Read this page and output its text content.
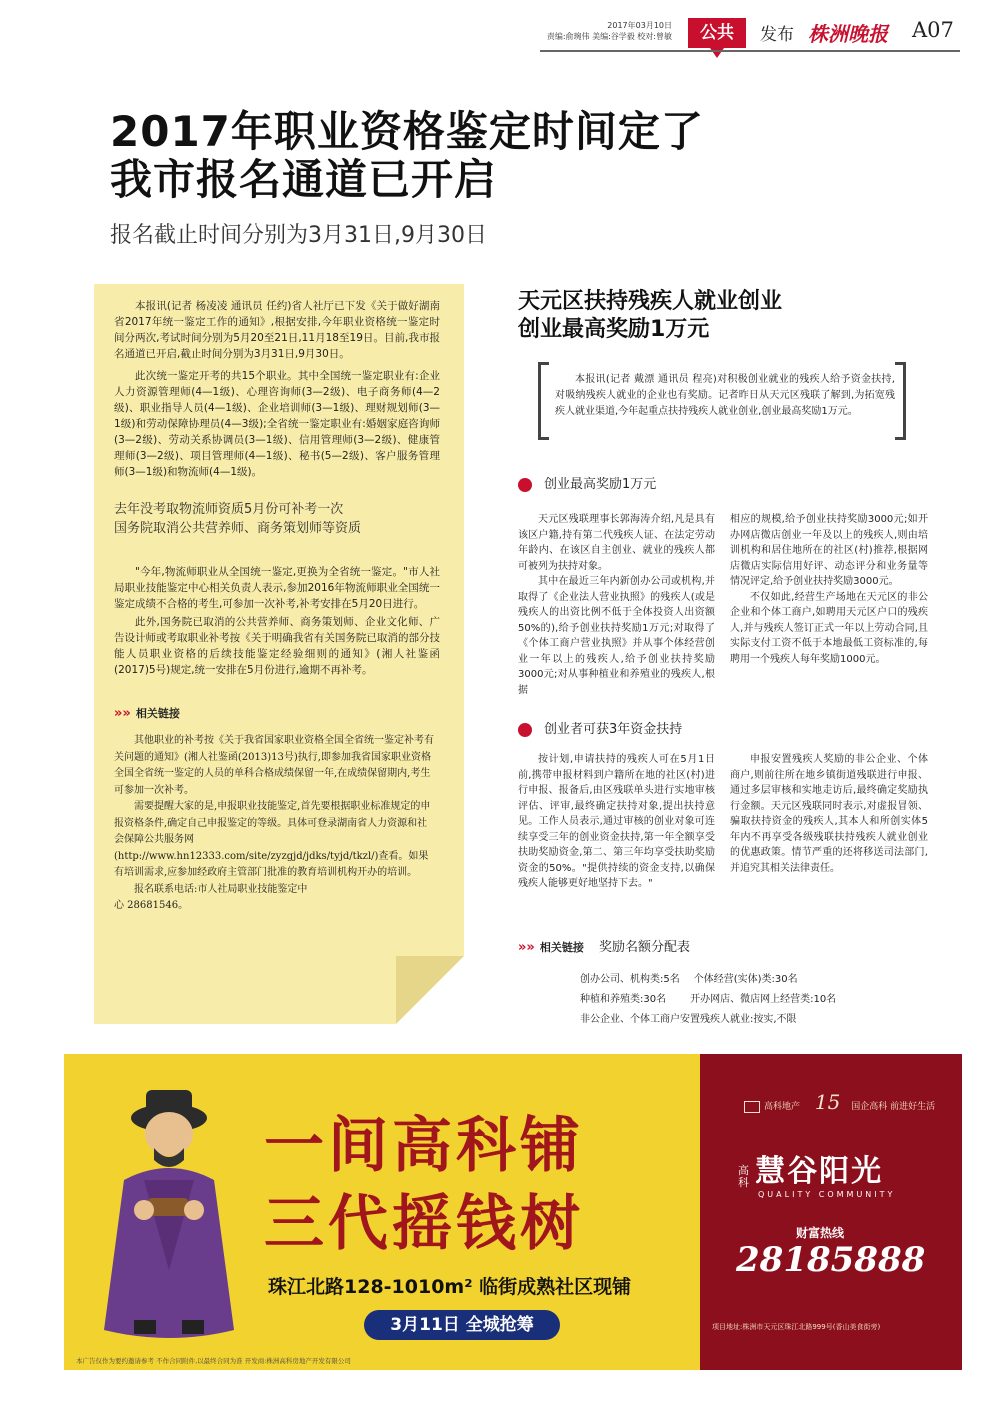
2017年03月10日
责编:俞琬伟 美编:谷学毅 校对:曾敏	公共	发布 株洲晚报 A07
2017年职业资格鉴定时间定了
我市报名通道已开启
报名截止时间分别为3月31日,9月30日
本报讯(记者 杨凌凌 通讯员 任约)省人社厅已下发《关于做好湖南省2017年统一鉴定工作的通知》,根据安排,今年职业资格统一鉴定时间分两次,考试时间分别为5月20至21日,11月18至19日。目前,我市报名通道已开启,截止时间分别为3月31日,9月30日。
此次统一鉴定开考的共15个职业。其中全国统一鉴定职业有:企业人力资源管理师(4—1级)、心理咨询师(3—2级)、电子商务师(4—2级)、职业指导人员(4—1级)、企业培训师(3—1级)、理财规划师(3—1级)和劳动保障协理员(4—3级);全省统一鉴定职业有:婚姻家庭咨询师(3—2级)、劳动关系协调员(3—1级)、信用管理师(3—2级)、健康管理师(3—2级)、项目管理师(4—1级)、秘书(5—2级)、客户服务管理师(3—1级)和物流师(4—1级)。
去年没考取物流师资质5月份可补考一次
国务院取消公共营养师、商务策划师等资质
"今年,物流师职业从全国统一鉴定,更换为全省统一鉴定。"市人社局职业技能鉴定中心相关负责人表示,参加2016年物流师职业全国统一鉴定成绩不合格的考生,可参加一次补考,补考安排在5月20日进行。
此外,国务院已取消的公共营养师、商务策划师、企业文化师、广告设计师或考取职业补考按《关于明确我省有关国务院已取消的部分技能人员职业资格的后续技能鉴定经验细则的通知》(湘人社鉴函(2017)5号)规定,统一安排在5月份进行,逾期不再补考。
»» 相关链接
其他职业的补考按《关于我省国家职业资格全国全省统一鉴定补考有关问题的通知》(湘人社鉴函(2013)13号)执行,即参加我省国家职业资格全国全省统一鉴定的人员的单科合格成绩保留一年,在成绩保留期内,考生可参加一次补考。
需要提醒大家的是,申报职业技能鉴定,首先要根据职业标准规定的申报资格条件,确定自己申报鉴定的等级。具体可登录湖南省人力资源和社会保障公共服务网(http://www.hn12333.com/site/zyzgjd/jdks/tyjd/tkzl/)查看。如果有培训需求,应参加经政府主管部门批准的教育培训机构开办的培训。
报名联系电话:市人社局职业技能鉴定中心 28681546。
天元区扶持残疾人就业创业
创业最高奖励1万元
本报讯(记者 戴漂 通讯员 程亮)对积极创业就业的残疾人给予资金扶持,对吸纳残疾人就业的企业也有奖励。记者昨日从天元区残联了解到,为拓宽残疾人就业渠道,今年起重点扶持残疾人就业创业,创业最高奖励1万元。
创业最高奖励1万元
天元区残联理事长郭海涛介绍,凡是具有该区户籍,持有第二代残疾人证、在法定劳动年龄内、在该区自主创业、就业的残疾人都可被列为扶持对象。
其中在最近三年内新创办公司或机构,并取得了《企业法人营业执照》的残疾人(或是残疾人的出资比例不低于全体投资人出资额50%的),给予创业扶持奖励1万元;对取得了《个体工商户营业执照》并从事个体经营创业一年以上的残疾人,给予创业扶持奖励3000元;对从事种植业和养殖业的残疾人,根据
相应的规模,给予创业扶持奖励3000元;如开办网店微店创业一年及以上的残疾人,则由培训机构和居住地所在的社区(村)推荐,根据网店微店实际信用好评、动态评分和业务量等情况评定,给予创业扶持奖励3000元。
不仅如此,经营生产场地在天元区的非公企业和个体工商户,如聘用天元区户口的残疾人,并与残疾人签订正式一年以上劳动合同,且实际支付工资不低于本地最低工资标准的,每聘用一个残疾人每年奖励1000元。
创业者可获3年资金扶持
按计划,申请扶持的残疾人可在5月1日前,携带申报材料到户籍所在地的社区(村)进行申报、报备后,由区残联单头进行实地审核评估、评审,最终确定扶持对象,提出扶持意见。工作人员表示,通过审核的创业对象可连续享受三年的创业资金扶持,第一年全额享受扶助奖励资金,第二、第三年均享受扶助奖励资金的50%。"提供持续的资金支持,以确保残疾人能够更好地坚持下去。"
申报安置残疾人奖励的非公企业、个体商户,则前往所在地乡镇街道残联进行申报、通过多层审核和实地走访后,最终确定奖励执行金额。天元区残联同时表示,对虚报冒领、骗取扶持资金的残疾人,其本人和所创实体5年内不再享受各级残联扶持残疾人就业创业的优惠政策。情节严重的还将移送司法部门,并追究其相关法律责任。
»» 相关链接 奖励名额分配表
创办公司、机构类:5名 个体经营(实体)类:30名
种植和养殖类:30名 开办网店、微店网上经营类:10名
非公企业、个体工商户安置残疾人就业:按实,不限
一间高科铺
三代摇钱树
珠江北路128-1010m² 临街成熟社区现铺
3月11日 全城抢筹
本广告仅作为要约邀请参考 不作合同附件,以最终合同为准 开发商:株洲高科房地产开发有限公司
高科地产 15 国企高科 前进好生活
高科 慧谷阳光
QUALITY COMMUNITY
财富热线
28185888
项目地址:株洲市天元区珠江北路999号(香山美食街旁)
